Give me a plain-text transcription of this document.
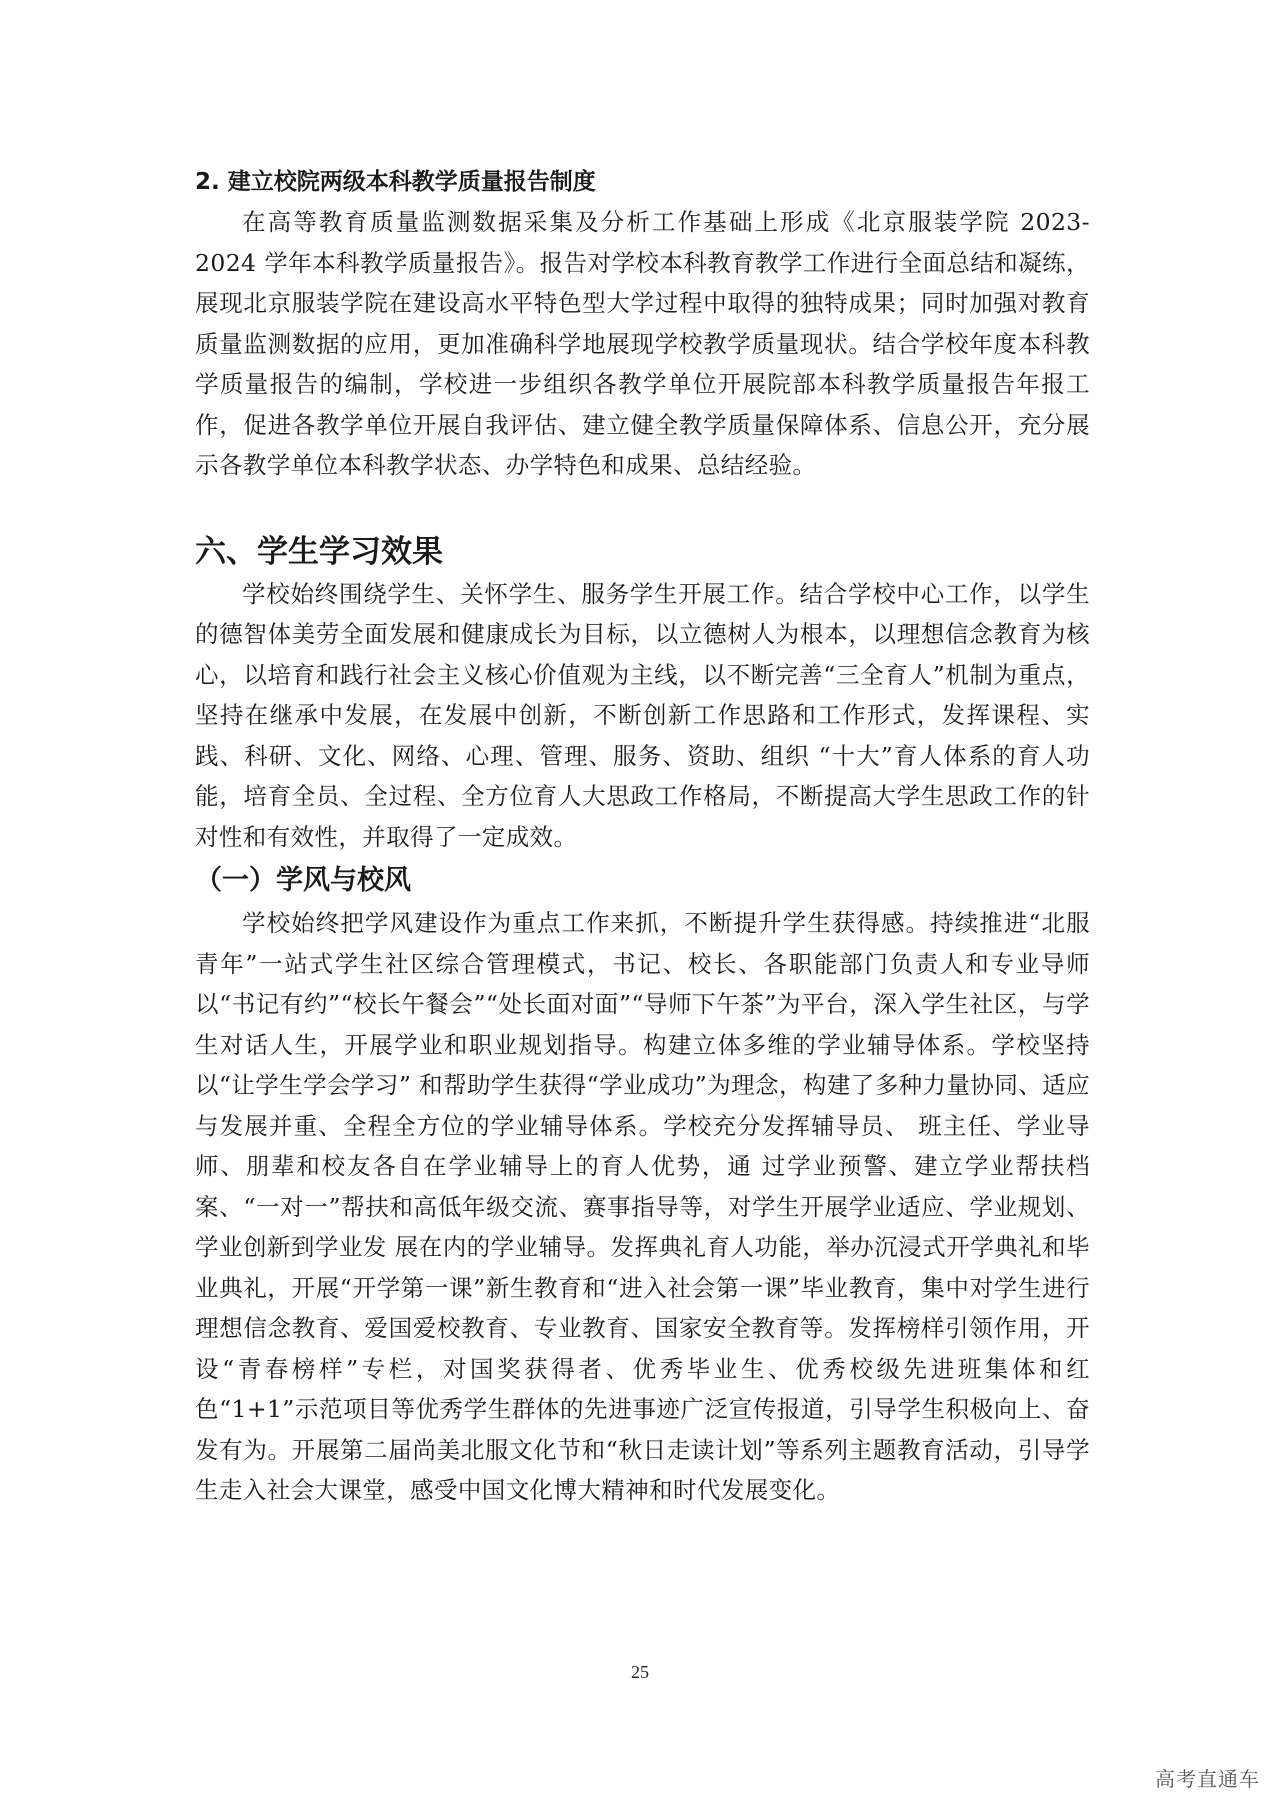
2. 建立校院两级本科教学质量报告制度

在高等教育质量监测数据采集及分析工作基础上形成《北京服装学院 2023-2024 学年本科教学质量报告》。报告对学校本科教育教学工作进行全面总结和凝练，展现北京服装学院在建设高水平特色型大学过程中取得的独特成果；同时加强对教育质量监测数据的应用，更加准确科学地展现学校教学质量现状。结合学校年度本科教学质量报告的编制，学校进一步组织各教学单位开展院部本科教学质量报告年报工作，促进各教学单位开展自我评估、建立健全教学质量保障体系、信息公开，充分展示各教学单位本科教学状态、办学特色和成果、总结经验。

六、学生学习效果

学校始终围绕学生、关怀学生、服务学生开展工作。结合学校中心工作，以学生的德智体美劳全面发展和健康成长为目标，以立德树人为根本，以理想信念教育为核心，以培育和践行社会主义核心价值观为主线，以不断完善“三全育人”机制为重点，坚持在继承中发展，在发展中创新，不断创新工作思路和工作形式，发挥课程、实践、科研、文化、网络、心理、管理、服务、资助、组织 “十大”育人体系的育人功能，培育全员、全过程、全方位育人大思政工作格局，不断提高大学生思政工作的针对性和有效性，并取得了一定成效。

（一）学风与校风

学校始终把学风建设作为重点工作来抓，不断提升学生获得感。持续推进“北服青年”一站式学生社区综合管理模式，书记、校长、各职能部门负责人和专业导师以“书记有约”“校长午餐会”“处长面对面”“导师下午茶”为平台，深入学生社区，与学生对话人生，开展学业和职业规划指导。构建立体多维的学业辅导体系。学校坚持以“让学生学会学习” 和帮助学生获得“学业成功”为理念，构建了多种力量协同、适应 与发展并重、全程全方位的学业辅导体系。学校充分发挥辅导员、 班主任、学业导师、朋辈和校友各自在学业辅导上的育人优势，通 过学业预警、建立学业帮扶档案、“一对一”帮扶和高低年级交流、赛事指导等，对学生开展学业适应、学业规划、学业创新到学业发 展在内的学业辅导。发挥典礼育人功能，举办沉浸式开学典礼和毕业典礼，开展“开学第一课”新生教育和“进入社会第一课”毕业教育，集中对学生进行理想信念教育、爱国爱校教育、专业教育、国家安全教育等。发挥榜样引领作用，开设“青春榜样”专栏，对国奖获得者、优秀毕业生、优秀校级先进班集体和红色“1+1”示范项目等优秀学生群体的先进事迹广泛宣传报道，引导学生积极向上、奋发有为。开展第二届尚美北服文化节和“秋日走读计划”等系列主题教育活动，引导学生走入社会大课堂，感受中国文化博大精神和时代发展变化。

25
高考直通车
